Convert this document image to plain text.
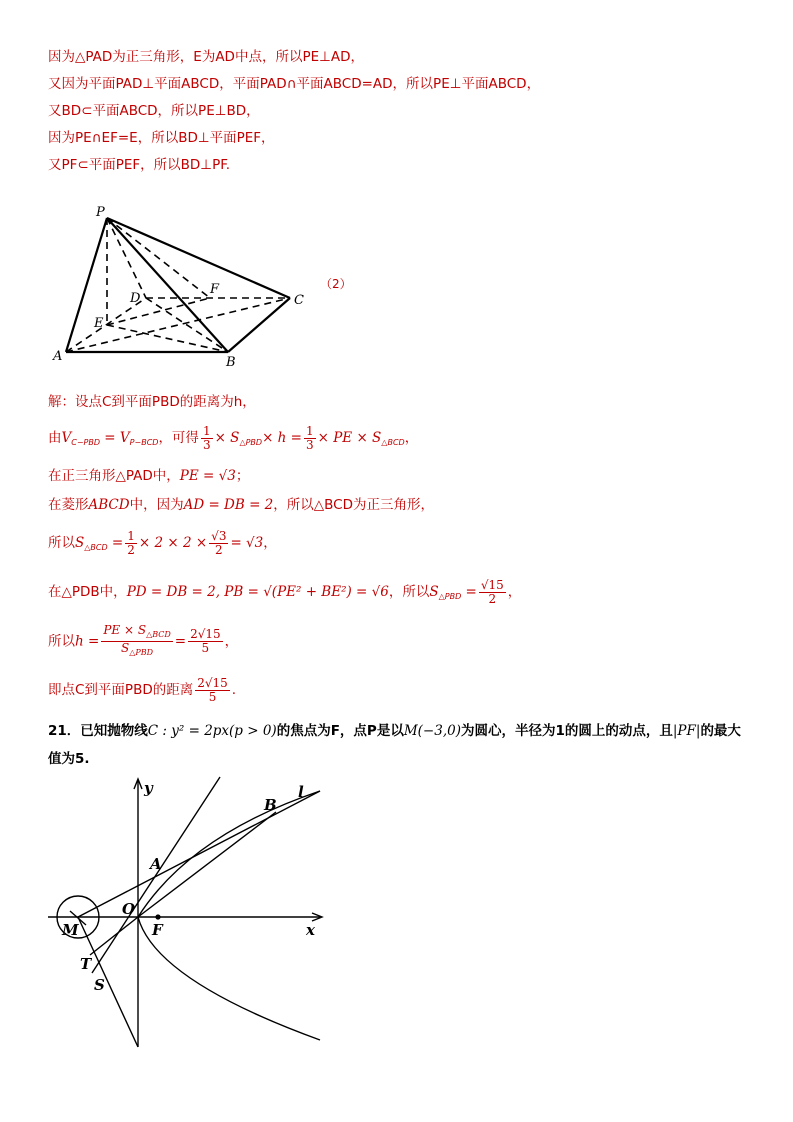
因为△PAD为正三角形，E为AD中点，所以PE⊥AD，
又因为平面PAD⊥平面ABCD，平面PAD∩平面ABCD=AD，所以PE⊥平面ABCD，
又BD⊂平面ABCD，所以PE⊥BD，
因为PE∩EF=E，所以BD⊥平面PEF，
又PF⊂平面PEF，所以BD⊥PF.
P
D
F
C
E
A	B
（2）
解：设点C到平面PBD的距离为h，
由$V_{C-PBD} = V_{P-BCD}$，可得 $\frac{1}{3} \times S_{\triangle PBD}\times h = \frac{1}{3}$ × PE × $S_{\triangle BCD}$，
在正三角形△PAD中，PE = √3；
在菱形ABCD中，因为AD = DB = 2，所以△BCD为正三角形，
所以$S_{\triangle BCD} = \frac{1}{2} \times 2 \times 2 \times \frac{√3}{2} = √3$，
在△PDB中，PD = DB = 2, PB = √(PE² + BE²) = √6，所以$S_{\triangle PBD} = \frac{√15}{2}$ ，
所以$h = \frac{PE \times S_{\triangle BCD}}{S_{\triangle PBD}} = \frac{2√15}{5}$ ，
即点C到平面PBD的距离 $\frac{2√15}{5}$ .
21．已知抛物线C : y² = 2px(p > 0)的焦点为F，点P是以M(−3,0)为圆心，半径为1的圆上的动点，且|PF|的最大
值为5.
y
x
O
F
A
B
l
M
T
S
